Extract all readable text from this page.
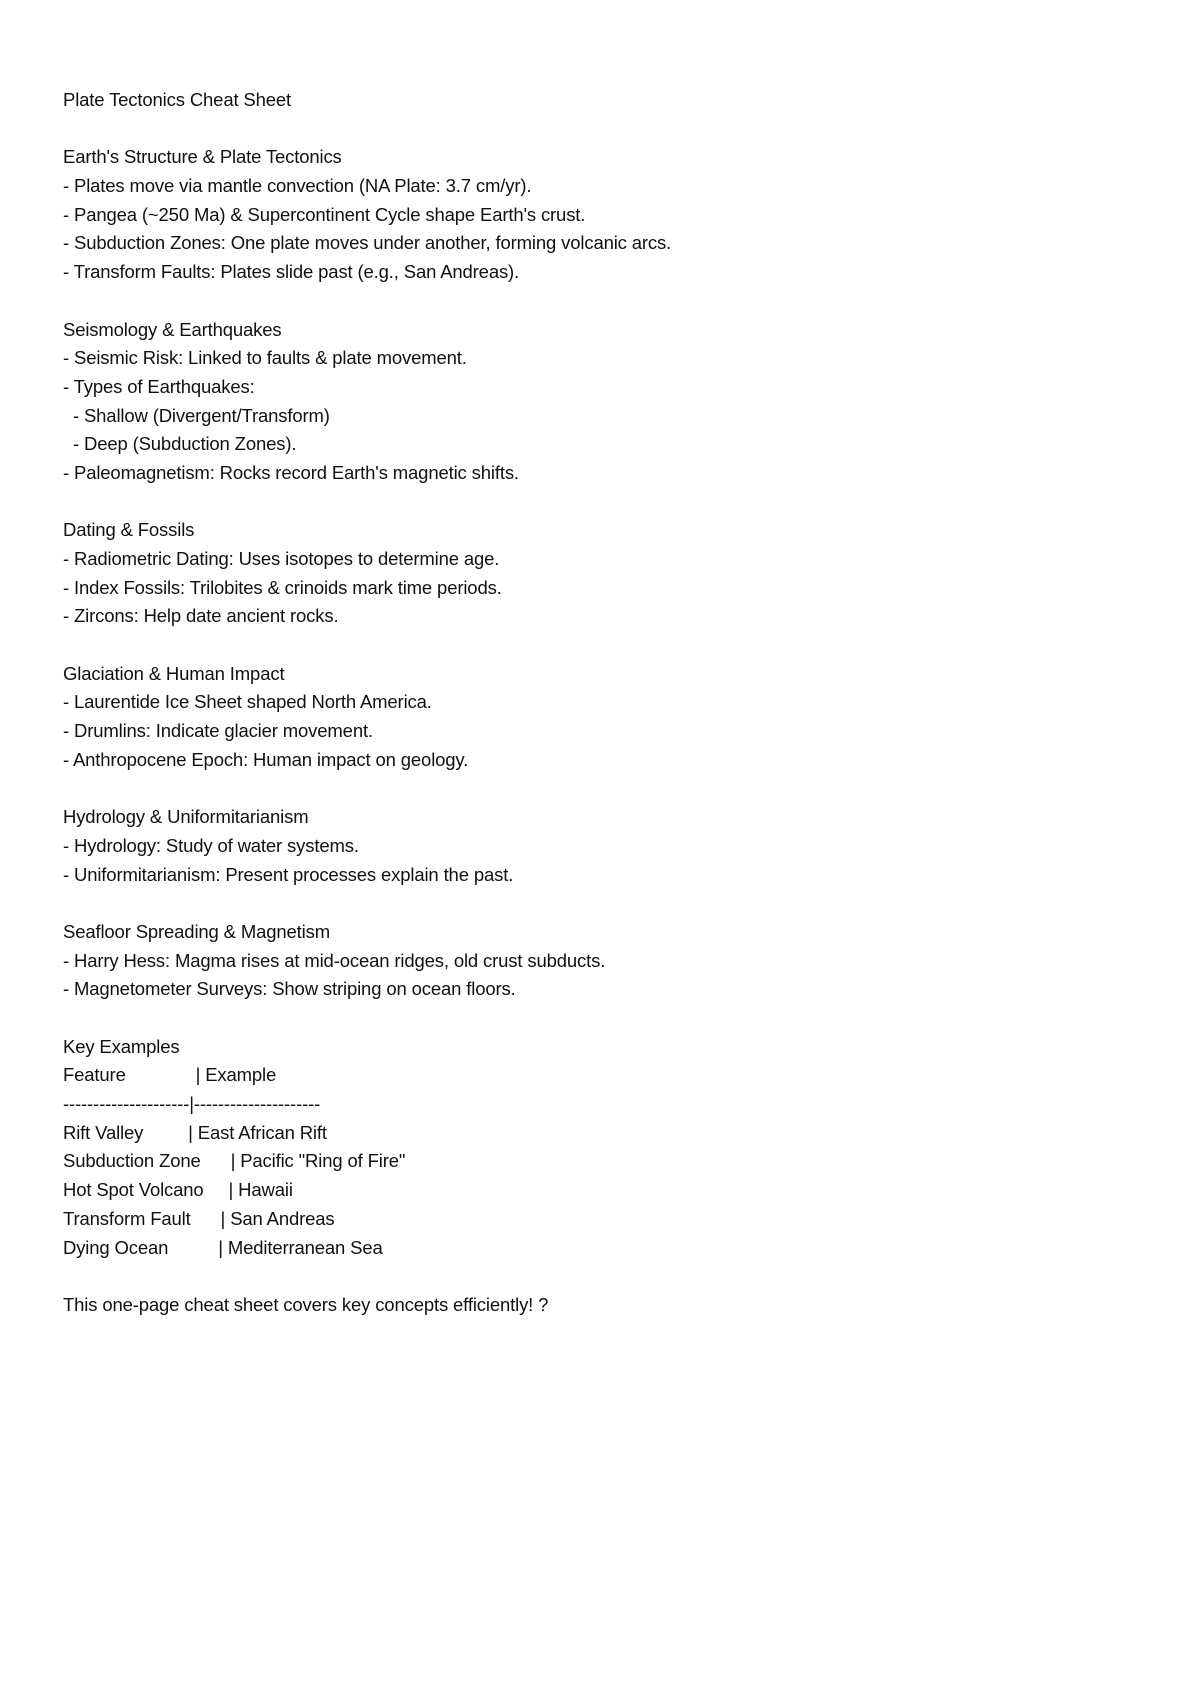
Plate Tectonics Cheat Sheet
Earth's Structure & Plate Tectonics
- Plates move via mantle convection (NA Plate: 3.7 cm/yr).
- Pangea (~250 Ma) & Supercontinent Cycle shape Earth's crust.
- Subduction Zones: One plate moves under another, forming volcanic arcs.
- Transform Faults: Plates slide past (e.g., San Andreas).
Seismology & Earthquakes
- Seismic Risk: Linked to faults & plate movement.
- Types of Earthquakes:
- Shallow (Divergent/Transform)
- Deep (Subduction Zones).
- Paleomagnetism: Rocks record Earth's magnetic shifts.
Dating & Fossils
- Radiometric Dating: Uses isotopes to determine age.
- Index Fossils: Trilobites & crinoids mark time periods.
- Zircons: Help date ancient rocks.
Glaciation & Human Impact
- Laurentide Ice Sheet shaped North America.
- Drumlins: Indicate glacier movement.
- Anthropocene Epoch: Human impact on geology.
Hydrology & Uniformitarianism
- Hydrology: Study of water systems.
- Uniformitarianism: Present processes explain the past.
Seafloor Spreading & Magnetism
- Harry Hess: Magma rises at mid-ocean ridges, old crust subducts.
- Magnetometer Surveys: Show striping on ocean floors.
Key Examples
Feature              | Example
---------------------|---------------------
Rift Valley         | East African Rift
Subduction Zone      | Pacific "Ring of Fire"
Hot Spot Volcano     | Hawaii
Transform Fault      | San Andreas
Dying Ocean          | Mediterranean Sea
This one-page cheat sheet covers key concepts efficiently! ?
